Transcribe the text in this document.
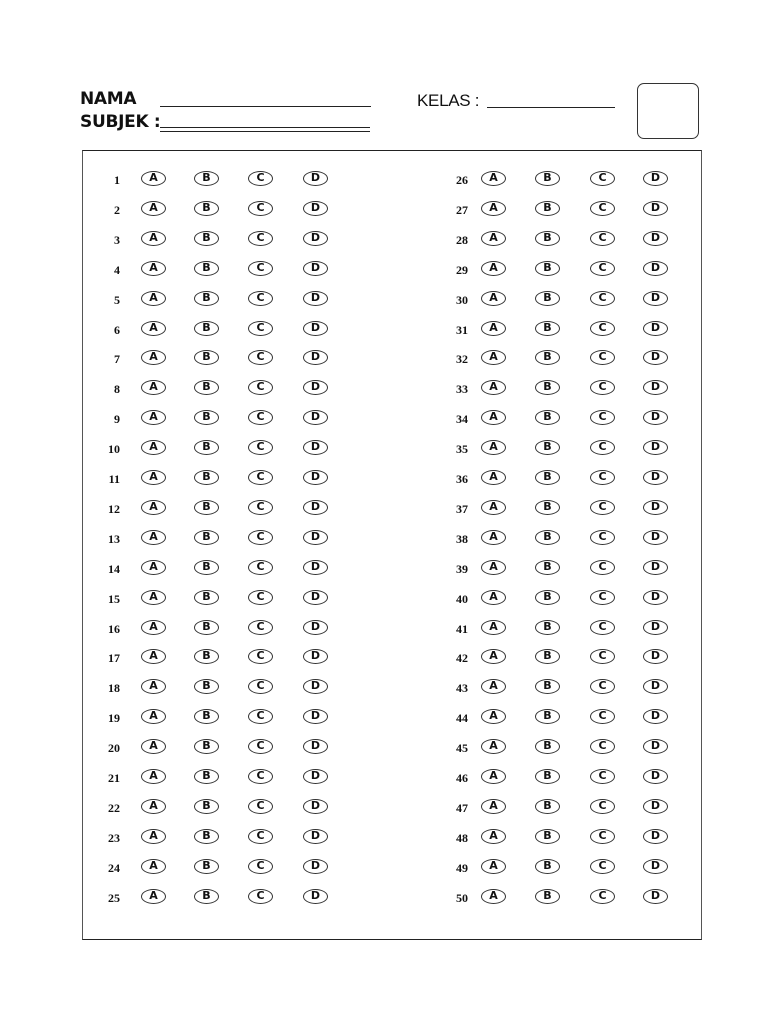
NAMA
SUBJEK :
KELAS :
1	A	B	C	D
2	A	B	C	D
3	A	B	C	D
4	A	B	C	D
5	A	B	C	D
6	A	B	C	D
7	A	B	C	D
8	A	B	C	D
9	A	B	C	D
10	A	B	C	D
11	A	B	C	D
12	A	B	C	D
13	A	B	C	D
14	A	B	C	D
15	A	B	C	D
16	A	B	C	D
17	A	B	C	D
18	A	B	C	D
19	A	B	C	D
20	A	B	C	D
21	A	B	C	D
22	A	B	C	D
23	A	B	C	D
24	A	B	C	D
25	A	B	C	D
26	A	B	C	D
27	A	B	C	D
28	A	B	C	D
29	A	B	C	D
30	A	B	C	D
31	A	B	C	D
32	A	B	C	D
33	A	B	C	D
34	A	B	C	D
35	A	B	C	D
36	A	B	C	D
37	A	B	C	D
38	A	B	C	D
39	A	B	C	D
40	A	B	C	D
41	A	B	C	D
42	A	B	C	D
43	A	B	C	D
44	A	B	C	D
45	A	B	C	D
46	A	B	C	D
47	A	B	C	D
48	A	B	C	D
49	A	B	C	D
50	A	B	C	D
